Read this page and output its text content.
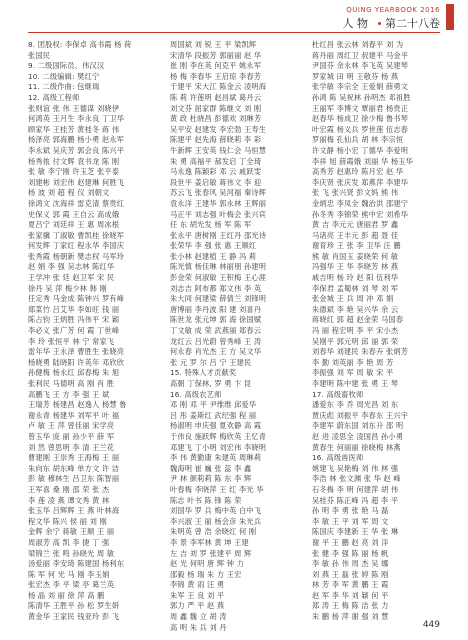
QUING YEARBOOK 2016
人 物 第二十八卷
8. 团股权: 李保卓 高书霞 杨 荷
张国民
9. 二级国际员、伟汉汉
10. 二级编辑: 樊红宁
11. 二级作曲: 包继瑞
12. 高级工程师
张则谊 张 伟 王德谋 刘晓伊
何鸿英 王月生 李永良 丁卫华
顾家华 王桂芳 黄桂冬 蒋 伟
杨泽亮 郭海鹏 杨小勇 赵永军
李永斌 吴庆芳 郭会良 陈兴平
杨秀侬 付文辉 袁书龙 陈 刚
张 敏 李宁刚 许玉芝 张平泰
刘建彬 刘宏伟 赵建琳 何胜飞
杨 波 刘 超 程 仪 刘朝文
徐鸿文 沈海祥 雷克清 蔡贵红
史保义 郭 霞 王自云 高成娥
夏吕宁 刘廷祥 王 惠 周冰根
张家骥 丁淑敏 曹凯桂 徐晓军
何发辉 丁家红 程永华 李国庆
张秀霞 杨朝新 樊志权 马军玲
赵 娟 李 强 吴志林 陈红华
王学冲 张 廷 赵卫军 宋 民
徐丹 吴 萍 梅少林 韩 刚
任定秀 马金成 陈钟兴 罗有峰
郑菜竹 吕艾华 李如旺 钱 丽
陈占钧 王炳胜 冯伟平 宋 颖
李必义 张广芳 何 霞 丁世峰
李 玲 张恒平 林 宁 常家飞
雷年华 王永泽 曹胜生 张晓亮
杨晓勇 陆晓阳 许英年 邓欣欣
孙健梅 杨永红 邱春梅 朱 旭
张利民 马德明 高 刚 肖 胜
高鹏飞 王 方 李 强 王 斌
王瑞芳 杨建昌 赵逸人 杨慧 鲁
谢永青 杨建华 刘军平 叶 福
卢 敏 王 萍 曾佳丽 宋学亮
曾玉华 庞 丽 孙少平 薛 军
刘 然 曾思明 李 清 王兰花
曹建刚 王崇秀 王海梅 王 丽
朱向东 胡东峰 单方文 许 洁
彭 敏 穆林生 吕卫东 陈智丽
王军喜 桑 刚 邵 荣 张 杰
李 莲 凌 燕 谭文秀 黄 林
张玉华 吕辉辉 王 燕 叶林海
程文华 陈兴 侯 丽 刘 刚
金辉 余宁 蒋敏 王顺 王 丽
周淑芳 高 凯 李 捷 丁 强
梁锦兰 张 鸣 孙晓光 周 敏
汤爱丽 李安琦 陈建国 杨利东
陈 军 何 光 马 刚 李玉娟
张宏杰 李 平 梁 亭 葛兰英
杨 晶 刘 丽 徐 萍 高 鹏
陈清华 王胜平 孙 松 罗生妍
黄金华 王家民 钱亚玲 彭 飞
周国斌 刘 锐 王 平 梁凯辉
宋清华 段振芳 郭丽丽 赵 华
崔 刚 李在英 何克平 姚永军
杨 梅 李春华 王启琼 李春芳
于建平 宋大江 陈金云 凌明海
陈 莉 许莲明 赵昌斌 葛丹云
刘文芬 屈家群 陈继文 刘 刚
黄 政 杜晓昌 彭德欢 刘琳芳
吴平安 赵建发 李宏勃 王寿生
陈建平 赵先海 薛晓莉 李 彩
牛新辉 王安英 钱仁会 马恒慧
朱 勇 高福平 郝发启 丁全琦
马永逸 陈颖彩 邓 云 戚跃雯
段世平 姜启敏 蒋伟文 李 迎
苏云飞 张春风 吴河福 秦诗辉
袁永洋 王建华 郭永林 王辉丽
马正平 刘志强 叶梅会 张兴宾
任 东 胡光发 杨 军 陈 军
张永平 唐树刚 王红丹 邵光诗
张荣华 李 强 张 惠 王顺红
张小林 赵建植 王 静 冯 莉
陈光慎 杨佳琳 林丽朋 孙建明
彭金荣 何淑敏 王积梅 王心涯
刘志吉 阿布都 郑文伟 李 英
朱大同 何建梁 薛倩兰 刘锋明
唐博丽 李丹波 阳 建 刘喜丹
陈世龙 张元坤 郭 海 徐国赋
丁文敏 成 荣 武燕丽 郑春云
龙红云 吕光蔚 曾秀峰 王 涛
何永春 肖光杰 王 方 吴文华
张 元 罗 尔 吕 宁 王建民
15. 特殊人才贡献奖
高朝 丁保林, 罗 勇 卞 昆
16. 高级农艺师
邓 刚 邓 平 尹维维 邱爱华
吕 彤 姜斯红 武纪强 程 丽
杨淑明 申庆强 夏欢静 高 霞
于伟良 施跃辉 梅欣英 王忆青
邓建飞 丁小明 刘宏伟 李晓明
李 伟 黄勤康 朱建英 周琳莉
魏海明 崔 巍 张 蕊 李 鑫
尹 林 颜莉莉 陈 东 李 辉
叶春梅 李晓萍 王 红 李光 华
陈志 叶书 陈 锋 陈 荣
刘国华 罗 兵 梅中英 白中飞
李兴淑 王 丽 杨会彦 朱光兵
朱明英 曾 浩 余晓红 何 刚
李 景 李军林 黄 坤 王建
左 吉 刘 罗 张建平 周 辉
赵 光 何明 唐 辉 钟 力
邵毅 杨 瑞 朱 方 王宏
李锦 黄 雨 汪 勇
朱军 王 良 刘 平
郭力 严 平 赵 燕
周 鑫 魏 立 胡 涛
高 明 朱 兵 刘 丹
杜红昌 张云林 刘春平 刘 为
蒋丹丽 周红卫 叔建平 马金平
尹国芬 余永林 李飞英 吴建琴
罗家城 田 明 王敬芬 杨 燕
张学敏 李宗全 王爱娟 薛勇文
孙鸿 陈 吴祝林 孙明杰 邓祖胜
王丽军 李博文 覃丽君 杨贵正
赵春华 杨成卫 徐少梅 鲁书琴
叶宏霞 杨义兵 罗世莲 伍志春
罗丽梅 孔仙兵 胡 林 李宗恒
许文静 杨小宏 丁德华 李爱明
李祥 旭 薛霞娥 刘丽 华 杨玉华
高秀芳 赵惠玲 陈月宏 赵 华
李庆贤 张庆发 郑燕萍 李建华
张 飞 张兴贤 彭文妈 熊 伟
金炳忠 李凤全 魏治洪 邵建宁
孙冬秀 李锦荣 熊中宏 刘希华
黄 吉 李元元 唐丽君 罗 鑫
马诸亮 王丰元 彭 超 聂 佳
谢育珍 王 张 李 卫华 汪 鹏
熊 敏 肖国玉 姜晓荣 何 敏
冯强华 王 华 李晓芳 林 燕
戚吉明 杨 玲 赵 阳 伍利华
李保君 孟蜀林 刘 琴 刘 军
张金城 王 兵 周 冲 邓 娟
朱德斌 李 艳 吴兴华 余 云
蒋晓红 郭 超 赵金荣 马国春
冯 丽 程宏明 李 平 宋小杰
吴刚平 郭元明 邱 丽 郭 荣
刘春华 刘建民 朱春卉 张炳芳
李 勤 刘英丽 李 艳 周 芳
李振强 刘 军 周 敏 宋 平
李建明 陈中建 张 勇 王 琴
17. 高级畜牧师
潘爱东 李 乔 周光昌 刘 东
贾庆彪 刘振平 李春东 王兴宇
李建军 蔚东国 刘东升 邵 明
赵 进 凌思全 凌国昌 孙小勇
黄春生 何丽丽 徐晓梅 林燕
16. 高级兽医师
姚建飞 吴艳梅 刘 伟 林 强
李浩 林 张文渊 张 华 赵 峰
石冬梅 李 明 何建萍 胡 伟
吴桂芬 陈正峰 冯 超 李 平
孙 明 李 勇 张 艳 马 磊
李 敏 王 平 刘 军 周 文
陈国庆 李建新 王 华 张 琳
谢 平 王 鹏 赵 亮 刘 洋
张 健 李 强 陈 丽 杨 帆
李 敏 孙 伟 周 杰 吴 娜
刘 燕 王 磊 张 婷 陈 刚
林 芳 李 军 黄 鹏 王 霞
赵 军 李 华 刘 颖 何 平
郑 涛 王 梅 陈 洁 张 力
朱 鹏 杨 萍 谢 强 刘 慧
449
